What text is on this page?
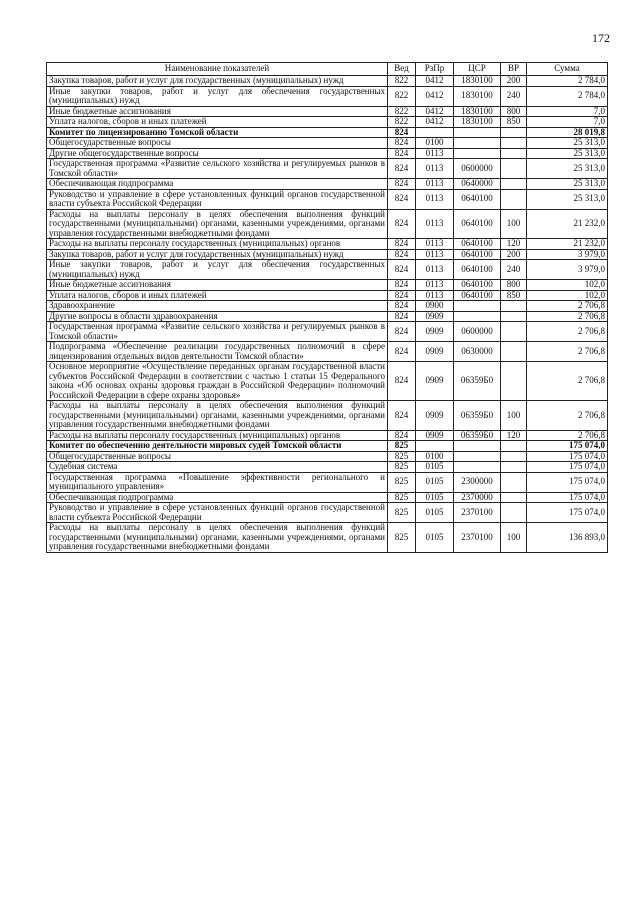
172
Наименование показателей	Вед	РзПр	ЦСР	ВР	Сумма
Закупка товаров, работ и услуг для государственных (муниципальных) нужд	822	0412	1830100	200	2 784,0
Иные закупки товаров, работ и услуг для обеспечения государственных (муниципальных) нужд	822	0412	1830100	240	2 784,0
Иные бюджетные ассигнования	822	0412	1830100	800	7,0
Уплата налогов, сборов и иных платежей	822	0412	1830100	850	7,0
Комитет по лицензированию Томской области	824				28 019,8
Общегосударственные вопросы	824	0100			25 313,0
Другие общегосударственные вопросы	824	0113			25 313,0
Государственная программа «Развитие сельского хозяйства и регулируемых рынков в Томской области»	824	0113	0600000		25 313,0
Обеспечивающая подпрограмма	824	0113	0640000		25 313,0
Руководство и управление в сфере установленных функций органов государственной власти субъекта Российской Федерации	824	0113	0640100		25 313,0
Расходы на выплаты персоналу в целях обеспечения выполнения функций государственными (муниципальными) органами, казенными учреждениями, органами управления государственными внебюджетными фондами	824	0113	0640100	100	21 232,0
Расходы на выплаты персоналу государственных (муниципальных) органов	824	0113	0640100	120	21 232,0
Закупка товаров, работ и услуг для государственных (муниципальных) нужд	824	0113	0640100	200	3 979,0
Иные закупки товаров, работ и услуг для обеспечения государственных (муниципальных) нужд	824	0113	0640100	240	3 979,0
Иные бюджетные ассигнования	824	0113	0640100	800	102,0
Уплата налогов, сборов и иных платежей	824	0113	0640100	850	102,0
Здравоохранение	824	0900			2 706,8
Другие вопросы в области здравоохранения	824	0909			2 706,8
Государственная программа «Развитие сельского хозяйства и регулируемых рынков в Томской области»	824	0909	0600000		2 706,8
Подпрограмма «Обеспечение реализации государственных полномочий в сфере лицензирования отдельных видов деятельности Томской области»	824	0909	0630000		2 706,8
Основное мероприятие «Осуществление переданных органам государственной власти субъектов Российской Федерации в соответствии с частью 1 статьи 15 Федерального закона «Об основах охраны здоровья граждан в Российской Федерации» полномочий Российской Федерации в сфере охраны здоровья»	824	0909	06359Б0		2 706,8
Расходы на выплаты персоналу в целях обеспечения выполнения функций государственными (муниципальными) органами, казенными учреждениями, органами управления государственными внебюджетными фондами	824	0909	06359Б0	100	2 706,8
Расходы на выплаты персоналу государственных (муниципальных) органов	824	0909	06359Б0	120	2 706,8
Комитет по обеспечению деятельности мировых судей Томской области	825				175 074,0
Общегосударственные вопросы	825	0100			175 074,0
Судебная система	825	0105			175 074,0
Государственная программа «Повышение эффективности регионального и муниципального управления»	825	0105	2300000		175 074,0
Обеспечивающая подпрограмма	825	0105	2370000		175 074,0
Руководство и управление в сфере установленных функций органов государственной власти субъекта Российской Федерации	825	0105	2370100		175 074,0
Расходы на выплаты персоналу в целях обеспечения выполнения функций государственными (муниципальными) органами, казенными учреждениями, органами управления государственными внебюджетными фондами	825	0105	2370100	100	136 893,0
